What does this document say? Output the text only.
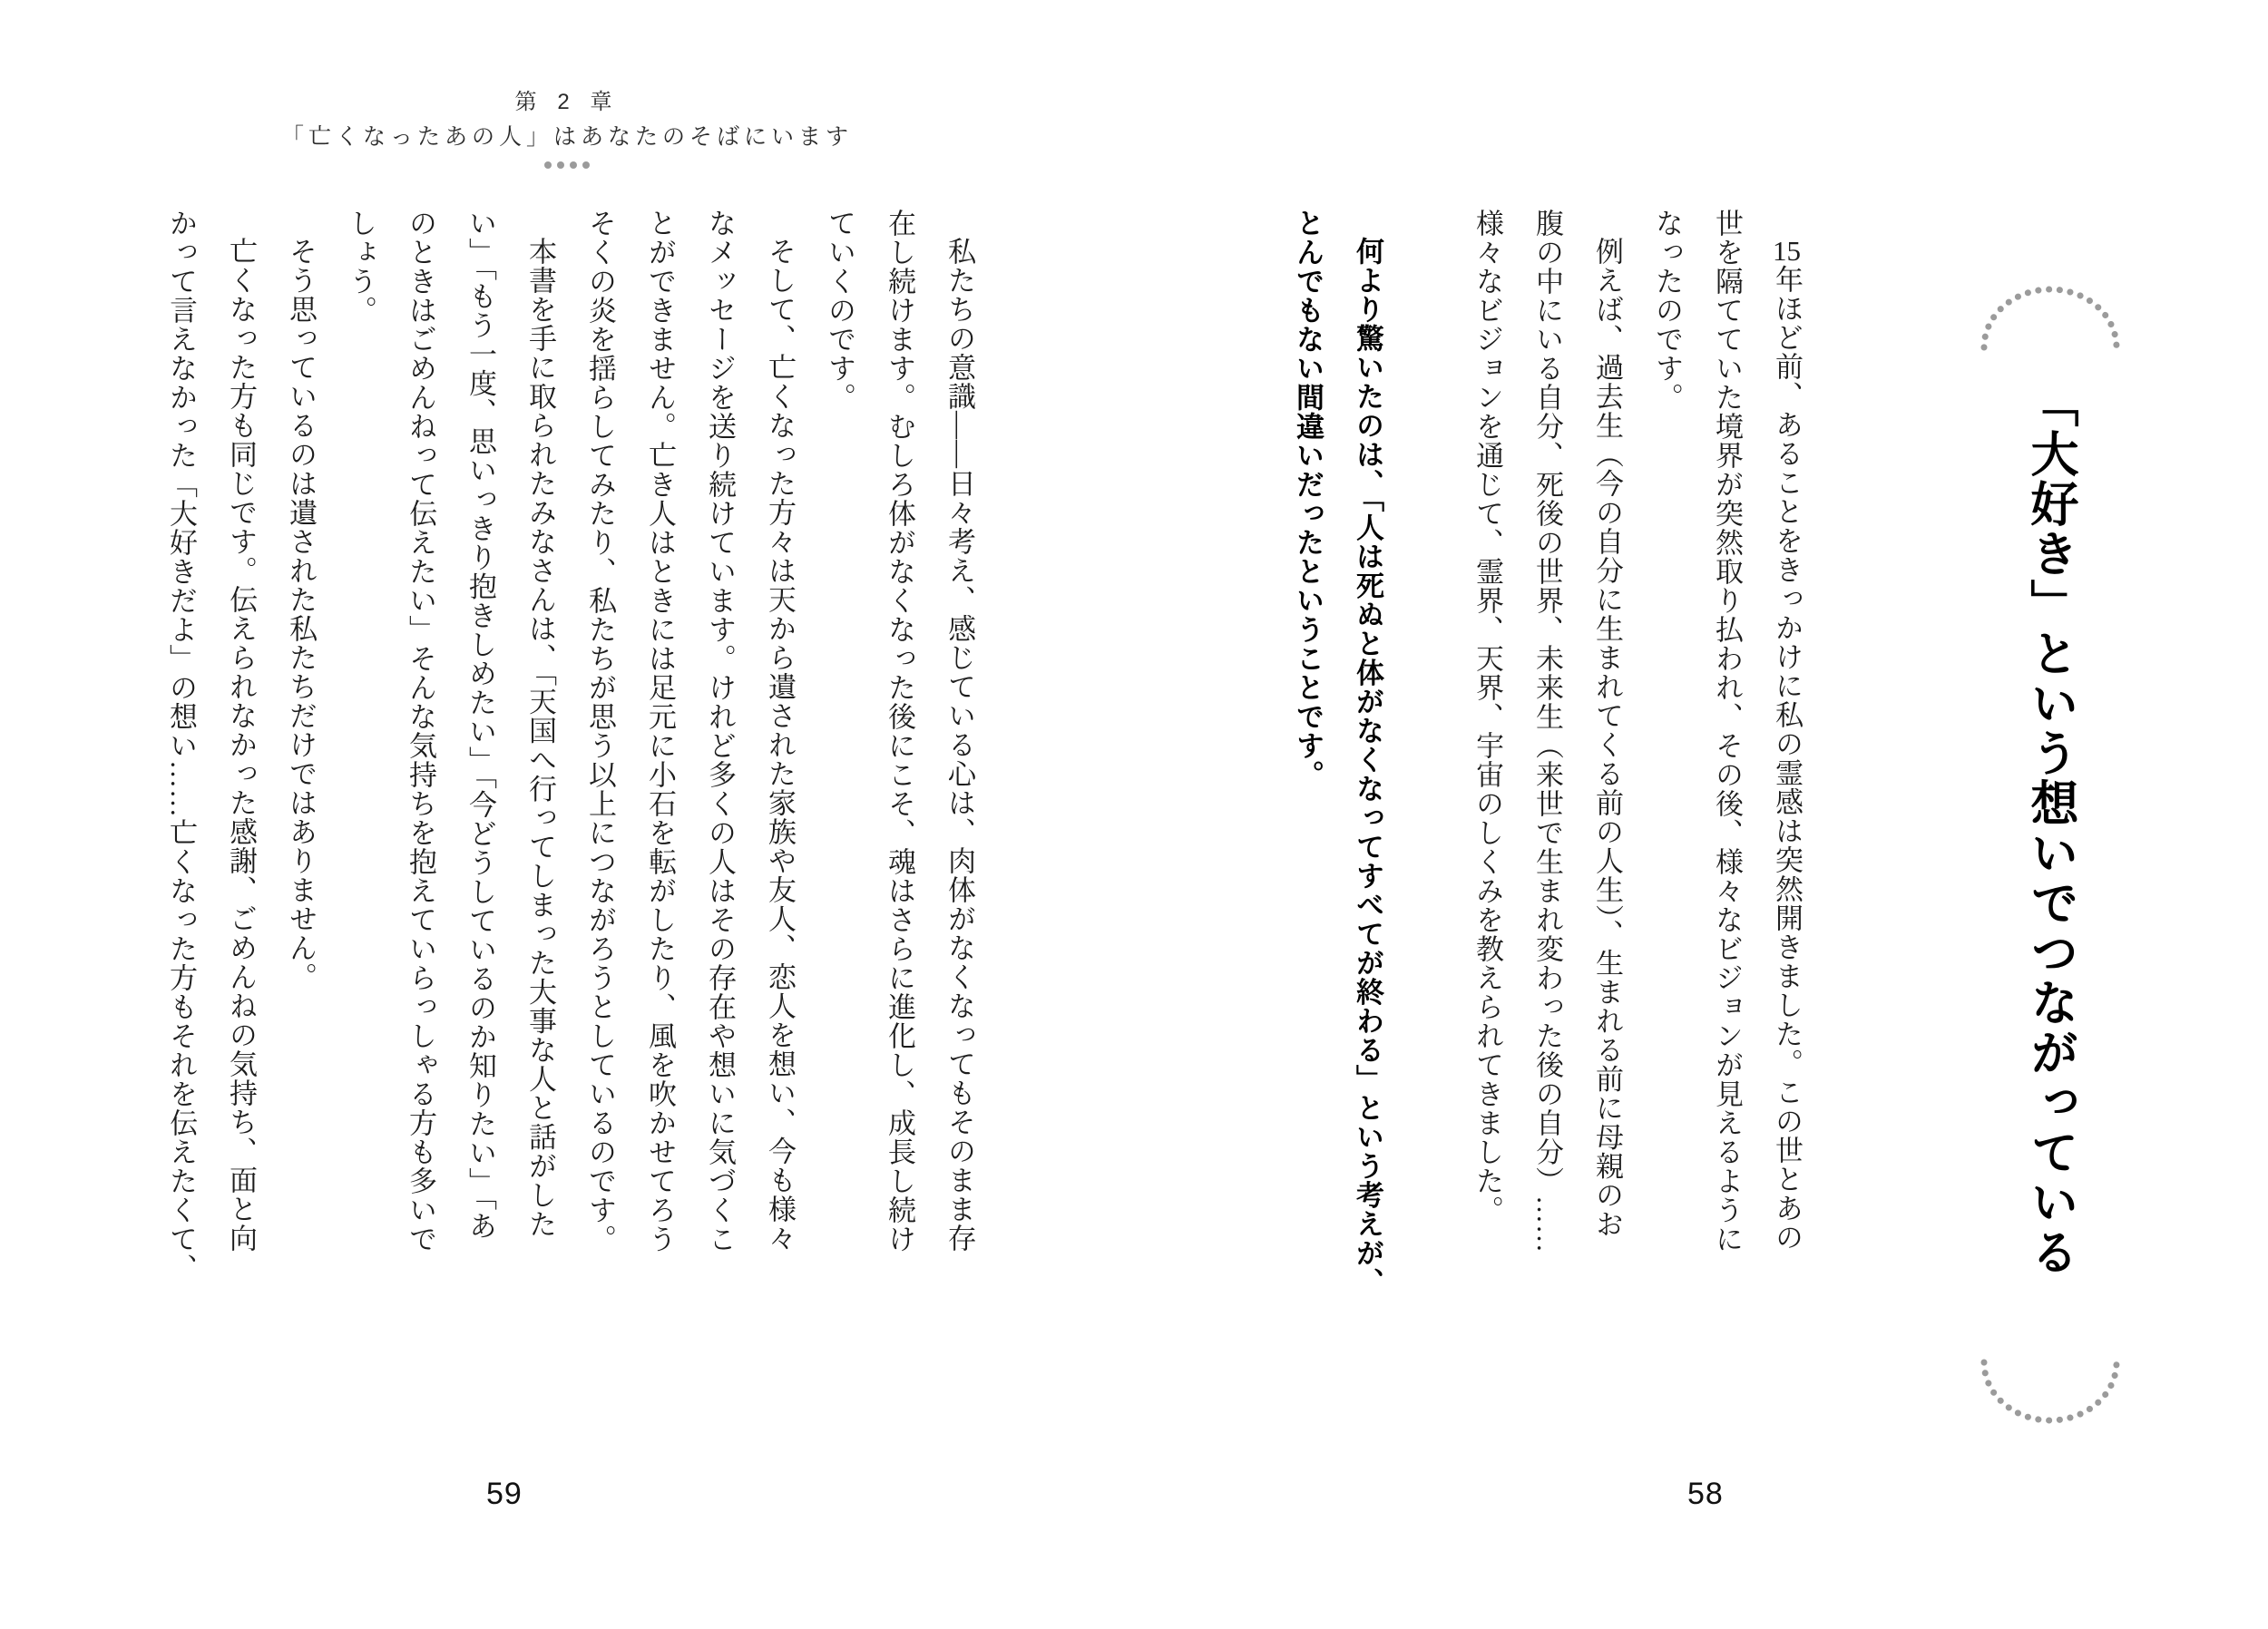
「大好き」という想いでつながっている
15年ほど前、あることをきっかけに私の霊感は突然開きました。この世とあの
世を隔てていた境界が突然取り払われ、その後、様々なビジョンが見えるように
なったのです。
例えば、過去生（今の自分に生まれてくる前の人生）、生まれる前に母親のお
腹の中にいる自分、死後の世界、未来生（来世で生まれ変わった後の自分）……
様々なビジョンを通じて、霊界、天界、宇宙のしくみを教えられてきました。
何より驚いたのは、「人は死ぬと体がなくなってすべてが終わる」という考えが、
とんでもない間違いだったということです。
58
第 2 章
「亡くなったあの人」はあなたのそばにいます
私たちの意識――日々考え、感じている心は、肉体がなくなってもそのまま存
在し続けます。むしろ体がなくなった後にこそ、魂はさらに進化し、成長し続け
ていくのです。
そして、亡くなった方々は天から遺された家族や友人、恋人を想い、今も様々
なメッセージを送り続けています。けれど多くの人はその存在や想いに気づくこ
とができません。亡き人はときには足元に小石を転がしたり、風を吹かせてろう
そくの炎を揺らしてみたり、私たちが思う以上につながろうとしているのです。
本書を手に取られたみなさんは、「天国へ行ってしまった大事な人と話がした
い」「もう一度、思いっきり抱きしめたい」「今どうしているのか知りたい」「あ
のときはごめんねって伝えたい」そんな気持ちを抱えていらっしゃる方も多いで
しょう。
そう思っているのは遺された私たちだけではありません。
亡くなった方も同じです。伝えられなかった感謝、ごめんねの気持ち、面と向
かって言えなかった「大好きだよ」の想い……亡くなった方もそれを伝えたくて、
59
